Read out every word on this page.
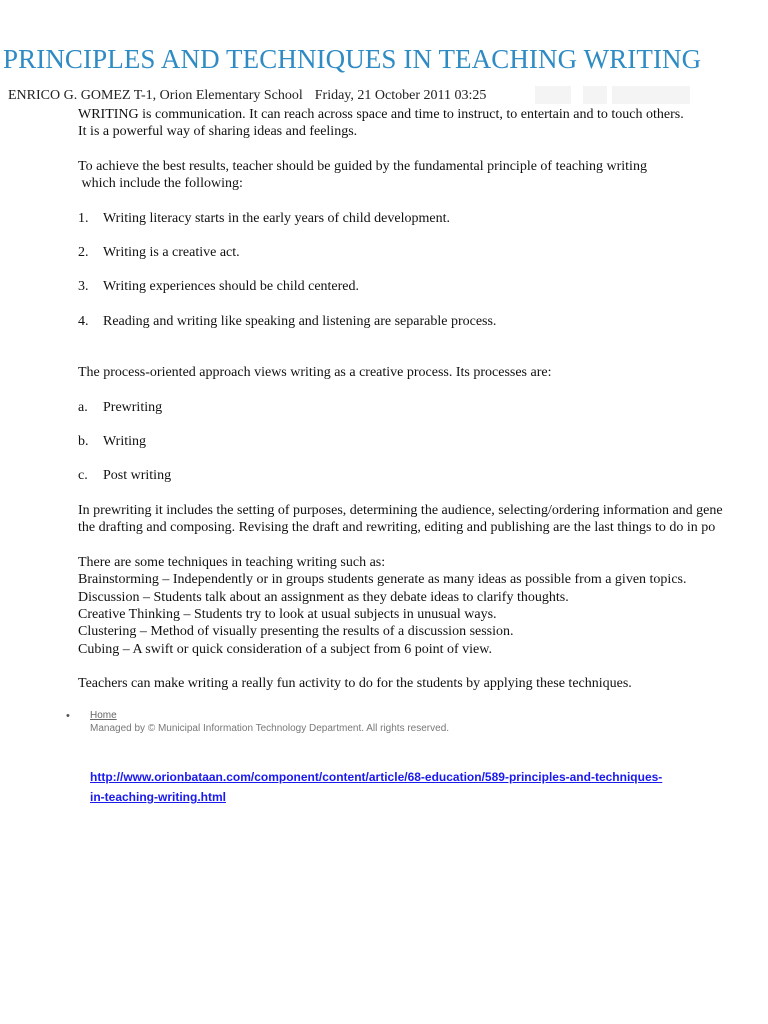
PRINCIPLES AND TECHNIQUES IN TEACHING WRITING
ENRICO G. GOMEZ T-1, Orion Elementary School Friday, 21 October 2011 03:25

WRITING is communication. It can reach across space and time to instruct, to entertain and to touch others.

It is a powerful way of sharing ideas and feelings.

To achieve the best results, teacher should be guided by the fundamental principle of teaching writing

which include the following:

1.	Writing literacy starts in the early years of child development.
2.	Writing is a creative act.
3.	Writing experiences should be child centered.
4.	Reading and writing like speaking and listening are separable process.

The process-oriented approach views writing as a creative process. Its processes are:

a.	Prewriting
b.	Writing
c.	Post writing

In prewriting it includes the setting of purposes, determining the audience, selecting/ordering information and gene

the drafting and composing. Revising the draft and rewriting, editing and publishing are the last things to do in po

There are some techniques in teaching writing such as:

Brainstorming – Independently or in groups students generate as many ideas as possible from a given topics.

Discussion – Students talk about an assignment as they debate ideas to clarify thoughts.

Creative Thinking – Students try to look at usual subjects in unusual ways.

Clustering – Method of visually presenting the results of a discussion session.

Cubing – A swift or quick consideration of a subject from 6 point of view.

Teachers can make writing a really fun activity to do for the students by applying these techniques.

• Home
Managed by © Municipal Information Technology Department. All rights reserved.
http://www.orionbataan.com/component/content/article/68-education/589-principles-and-techniques-
in-teaching-writing.html
